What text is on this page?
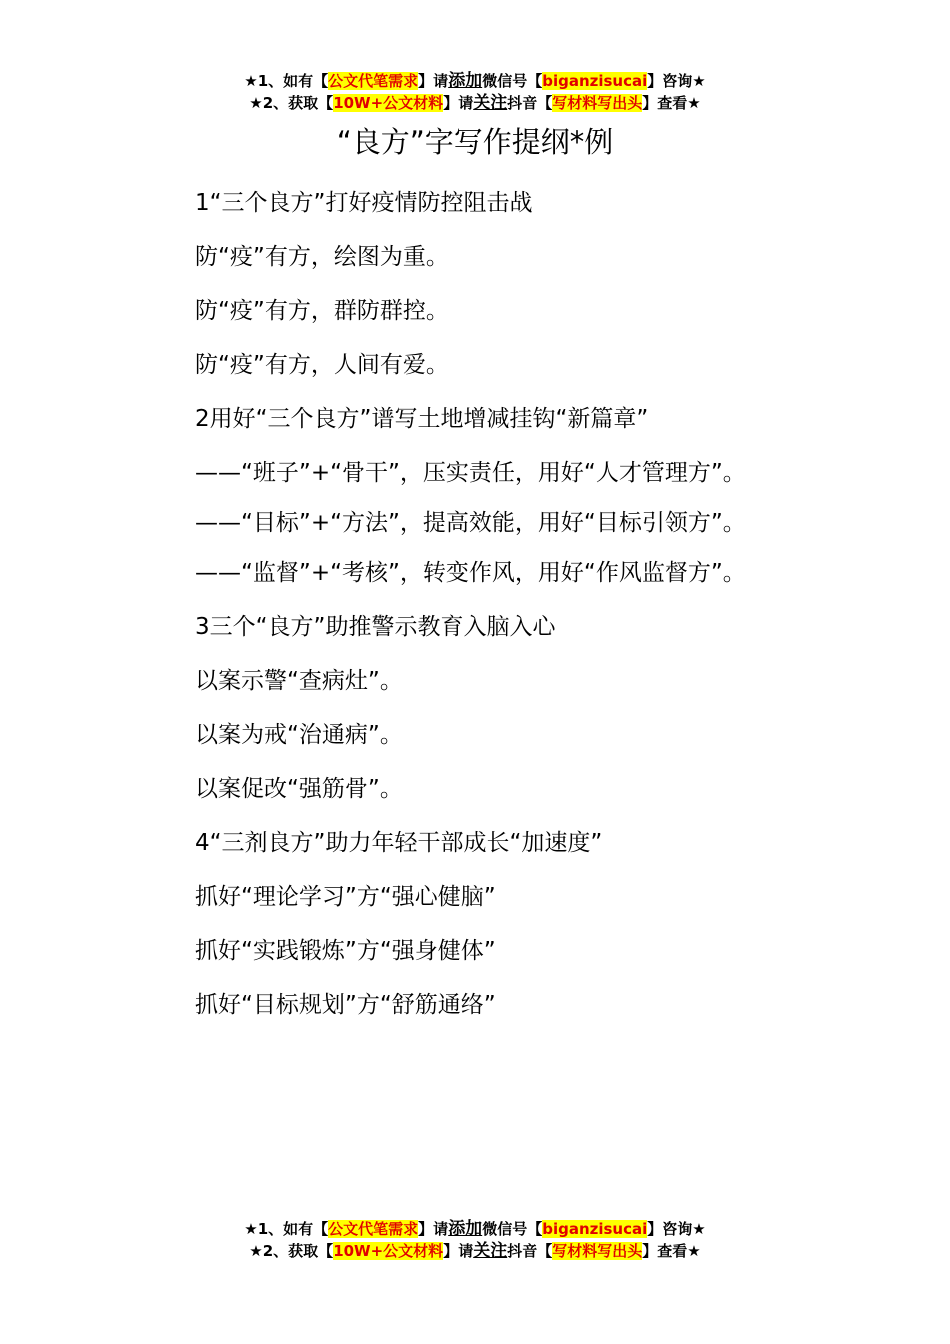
★1、如有【公文代笔需求】请添加微信号【biganzisucai】咨询★
★2、获取【10W+公文材料】请关注抖音【写材料写出头】查看★
“良方”字写作提纲*例

1“三个良方”打好疫情防控阻击战

防“疫”有方，绘图为重。

防“疫”有方，群防群控。

防“疫”有方，人间有爱。

2用好“三个良方”谱写土地增减挂钩“新篇章”

——“班子”+“骨干”，压实责任，用好“人才管理方”。

——“目标”+“方法”，提高效能，用好“目标引领方”。

——“监督”+“考核”，转变作风，用好“作风监督方”。

3三个“良方”助推警示教育入脑入心

以案示警“查病灶”。

以案为戒“治通病”。

以案促改“强筋骨”。

4“三剂良方”助力年轻干部成长“加速度”

抓好“理论学习”方“强心健脑”

抓好“实践锻炼”方“强身健体”

抓好“目标规划”方“舒筋通络”

★1、如有【公文代笔需求】请添加微信号【biganzisucai】咨询★
★2、获取【10W+公文材料】请关注抖音【写材料写出头】查看★
